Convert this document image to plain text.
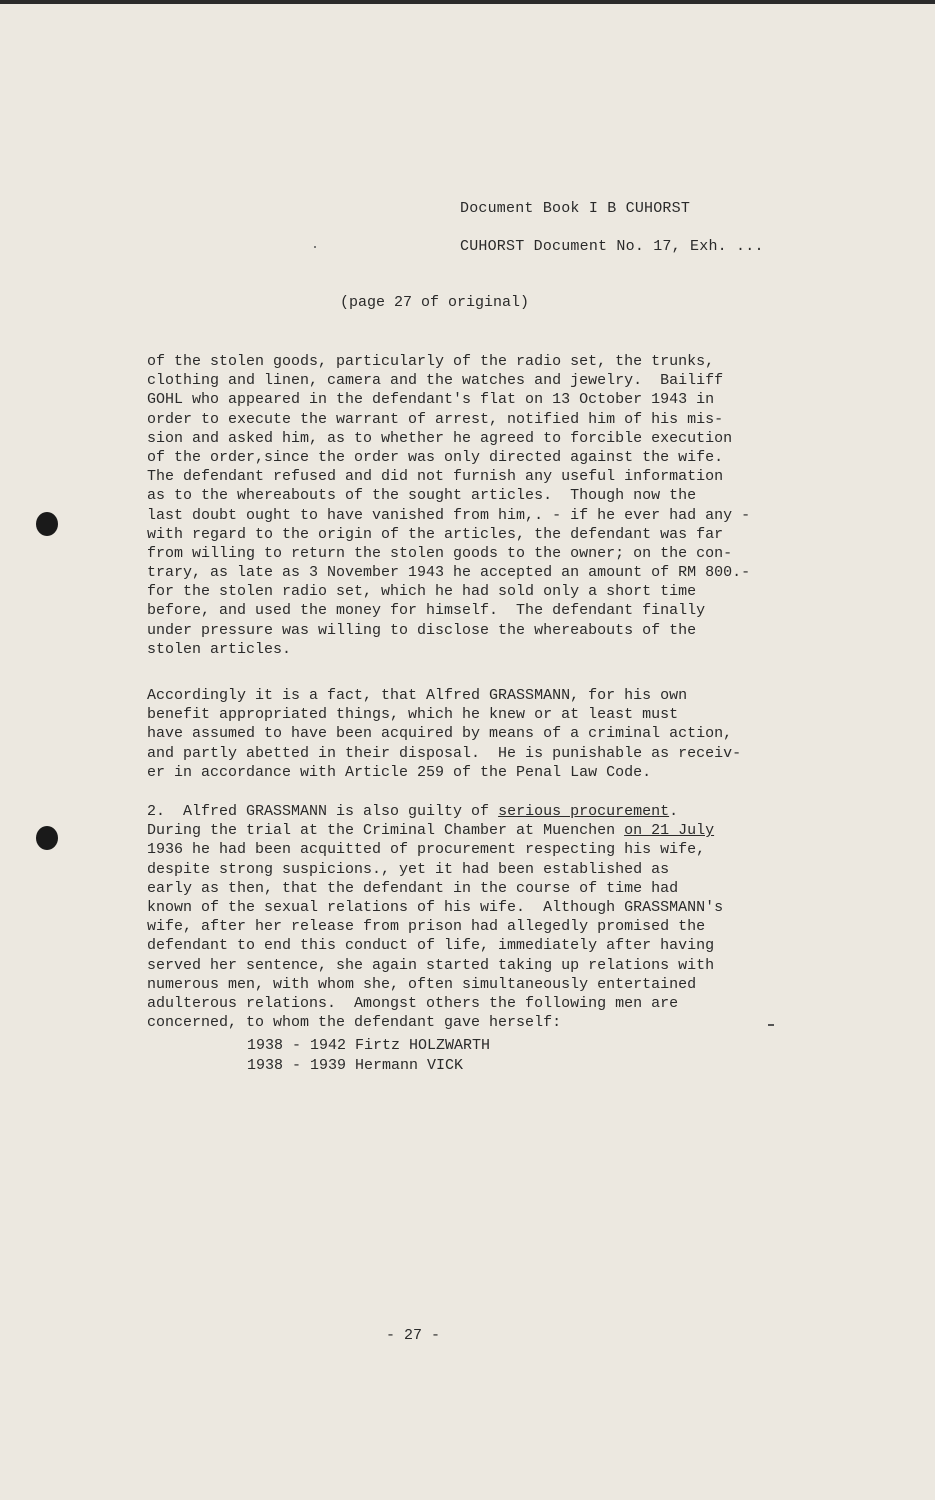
Document Book I B CUHORST
CUHORST Document No. 17, Exh. ...
(page 27 of original)
of the stolen goods, particularly of the radio set, the trunks,
clothing and linen, camera and the watches and jewelry.  Bailiff
GOHL who appeared in the defendant's flat on 13 October 1943 in
order to execute the warrant of arrest, notified him of his mis-
sion and asked him, as to whether he agreed to forcible execution
of the order,since the order was only directed against the wife.
The defendant refused and did not furnish any useful information
as to the whereabouts of the sought articles.  Though now the
last doubt ought to have vanished from him,. - if he ever had any -
with regard to the origin of the articles, the defendant was far
from willing to return the stolen goods to the owner; on the con-
trary, as late as 3 November 1943 he accepted an amount of RM 800.-
for the stolen radio set, which he had sold only a short time
before, and used the money for himself.  The defendant finally
under pressure was willing to disclose the whereabouts of the
stolen articles.
Accordingly it is a fact, that Alfred GRASSMANN, for his own
benefit appropriated things, which he knew or at least must
have assumed to have been acquired by means of a criminal action,
and partly abetted in their disposal.  He is punishable as receiv-
er in accordance with Article 259 of the Penal Law Code.
2.  Alfred GRASSMANN is also guilty of serious procurement.
During the trial at the Criminal Chamber at Muenchen on 21 July
1936 he had been acquitted of procurement respecting his wife,
despite strong suspicions., yet it had been established as
early as then, that the defendant in the course of time had
known of the sexual relations of his wife.  Although GRASSMANN's
wife, after her release from prison had allegedly promised the
defendant to end this conduct of life, immediately after having
served her sentence, she again started taking up relations with
numerous men, with whom she, often simultaneously entertained
adulterous relations.  Amongst others the following men are
concerned, to whom the defendant gave herself:
1938 - 1942 Firtz HOLZWARTH
1938 - 1939 Hermann VICK
- 27 -
